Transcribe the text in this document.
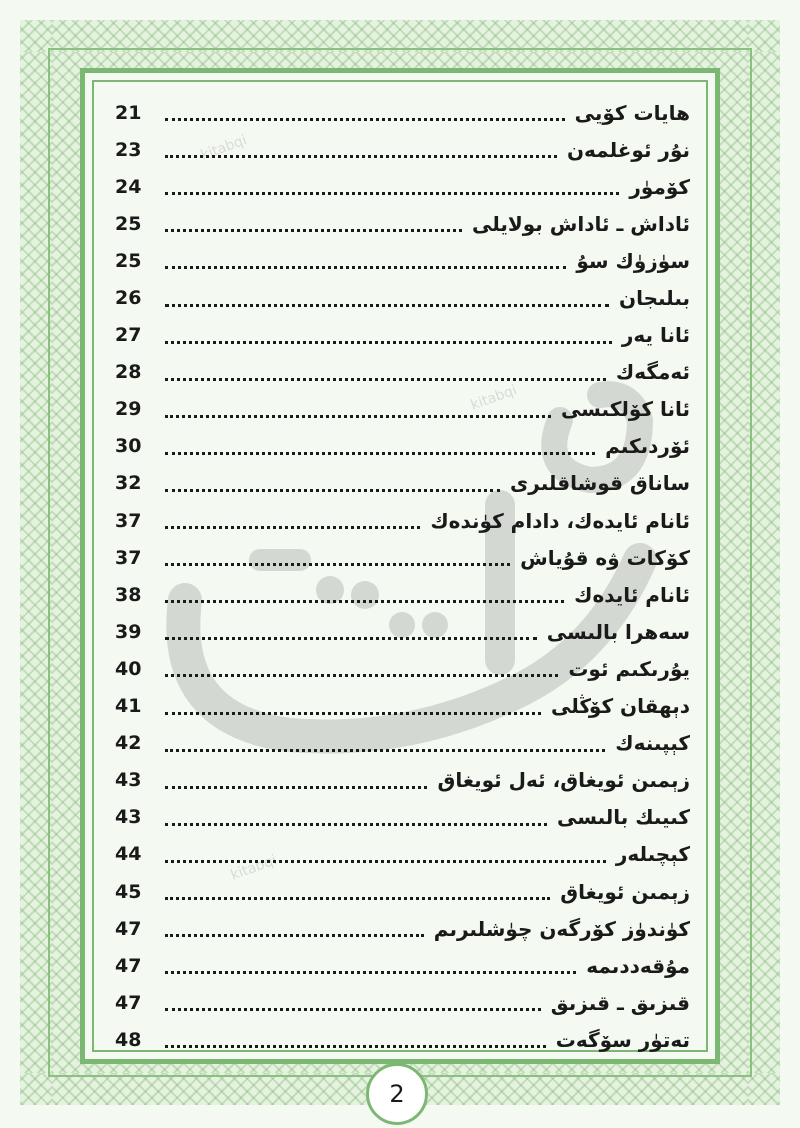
kitabqi
kitabqi
kitabqi
21	هايات كۆيى
23	نۇر ئوغلمەن
24	كۆمۈر
25	ئاداش ـ ئاداش بولايلى
25	سۈزۈك سۇ
26	بىلىجان
27	ئانا يەر
28	ئەمگەك
29	ئانا كۆلكىسى
30	ئۆردىكىم
32	ساناق قوشاقلىرى
37	ئانام ئايدەك، دادام كۈندەك
37	كۆكات ۋە قۇياش
38	ئانام ئايدەك
39	سەھرا بالىسى
40	يۇرىكىم ئوت
41	دېھقان كۆڭلى
42	كېپىنەك
43	زېمىن ئويغاق، ئەل ئويغاق
43	كىيىك بالىسى
44	كېچىلەر
45	زېمىن ئويغاق
47	كۈندۈز كۆرگەن چۈشلىرىم
47	مۇقەددىمە
47	قىزىق ـ قىزىق
48	تەتۈر سۆگەت
2
